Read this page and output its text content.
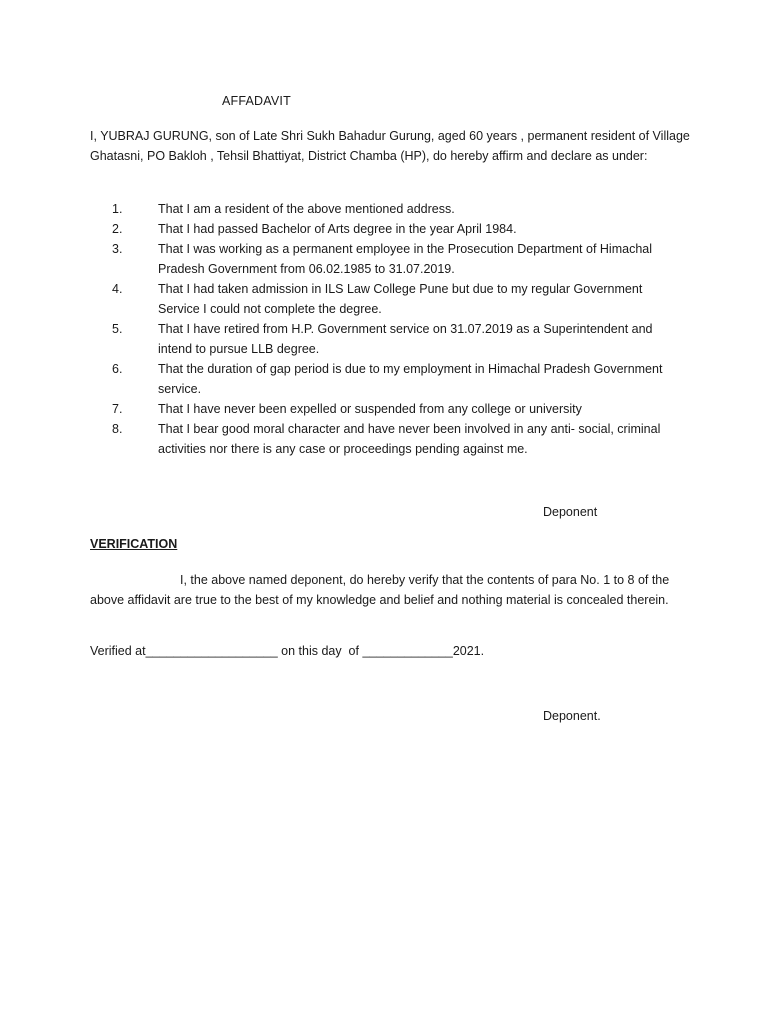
AFFADAVIT
I, YUBRAJ GURUNG, son of Late Shri Sukh Bahadur Gurung, aged 60 years , permanent resident of Village Ghatasni, PO Bakloh , Tehsil Bhattiyat, District Chamba (HP), do hereby affirm and declare as under:
1.	That I am a resident of the above mentioned address.
2.	That I had passed Bachelor of Arts degree in the year April 1984.
3.	That I was working as a permanent employee in the Prosecution Department of Himachal Pradesh Government from 06.02.1985 to 31.07.2019.
4.	That I had taken admission in ILS Law College Pune but due to my regular Government Service I could not complete the degree.
5.	That I have retired from H.P. Government service on 31.07.2019 as a Superintendent and intend to pursue LLB degree.
6.	That the duration of gap period is due to my employment in Himachal Pradesh Government service.
7.	That I have never been expelled or suspended from any college or university
8.	That I bear good moral character and have never been involved in any anti- social, criminal activities nor there is any case or proceedings pending against me.
Deponent
VERIFICATION
I, the above named deponent, do hereby verify that the contents of para No. 1 to 8 of the above affidavit are true to the best of my knowledge and belief and nothing material is concealed therein.
Verified at___________________ on this day  of _____________2021.
Deponent.
